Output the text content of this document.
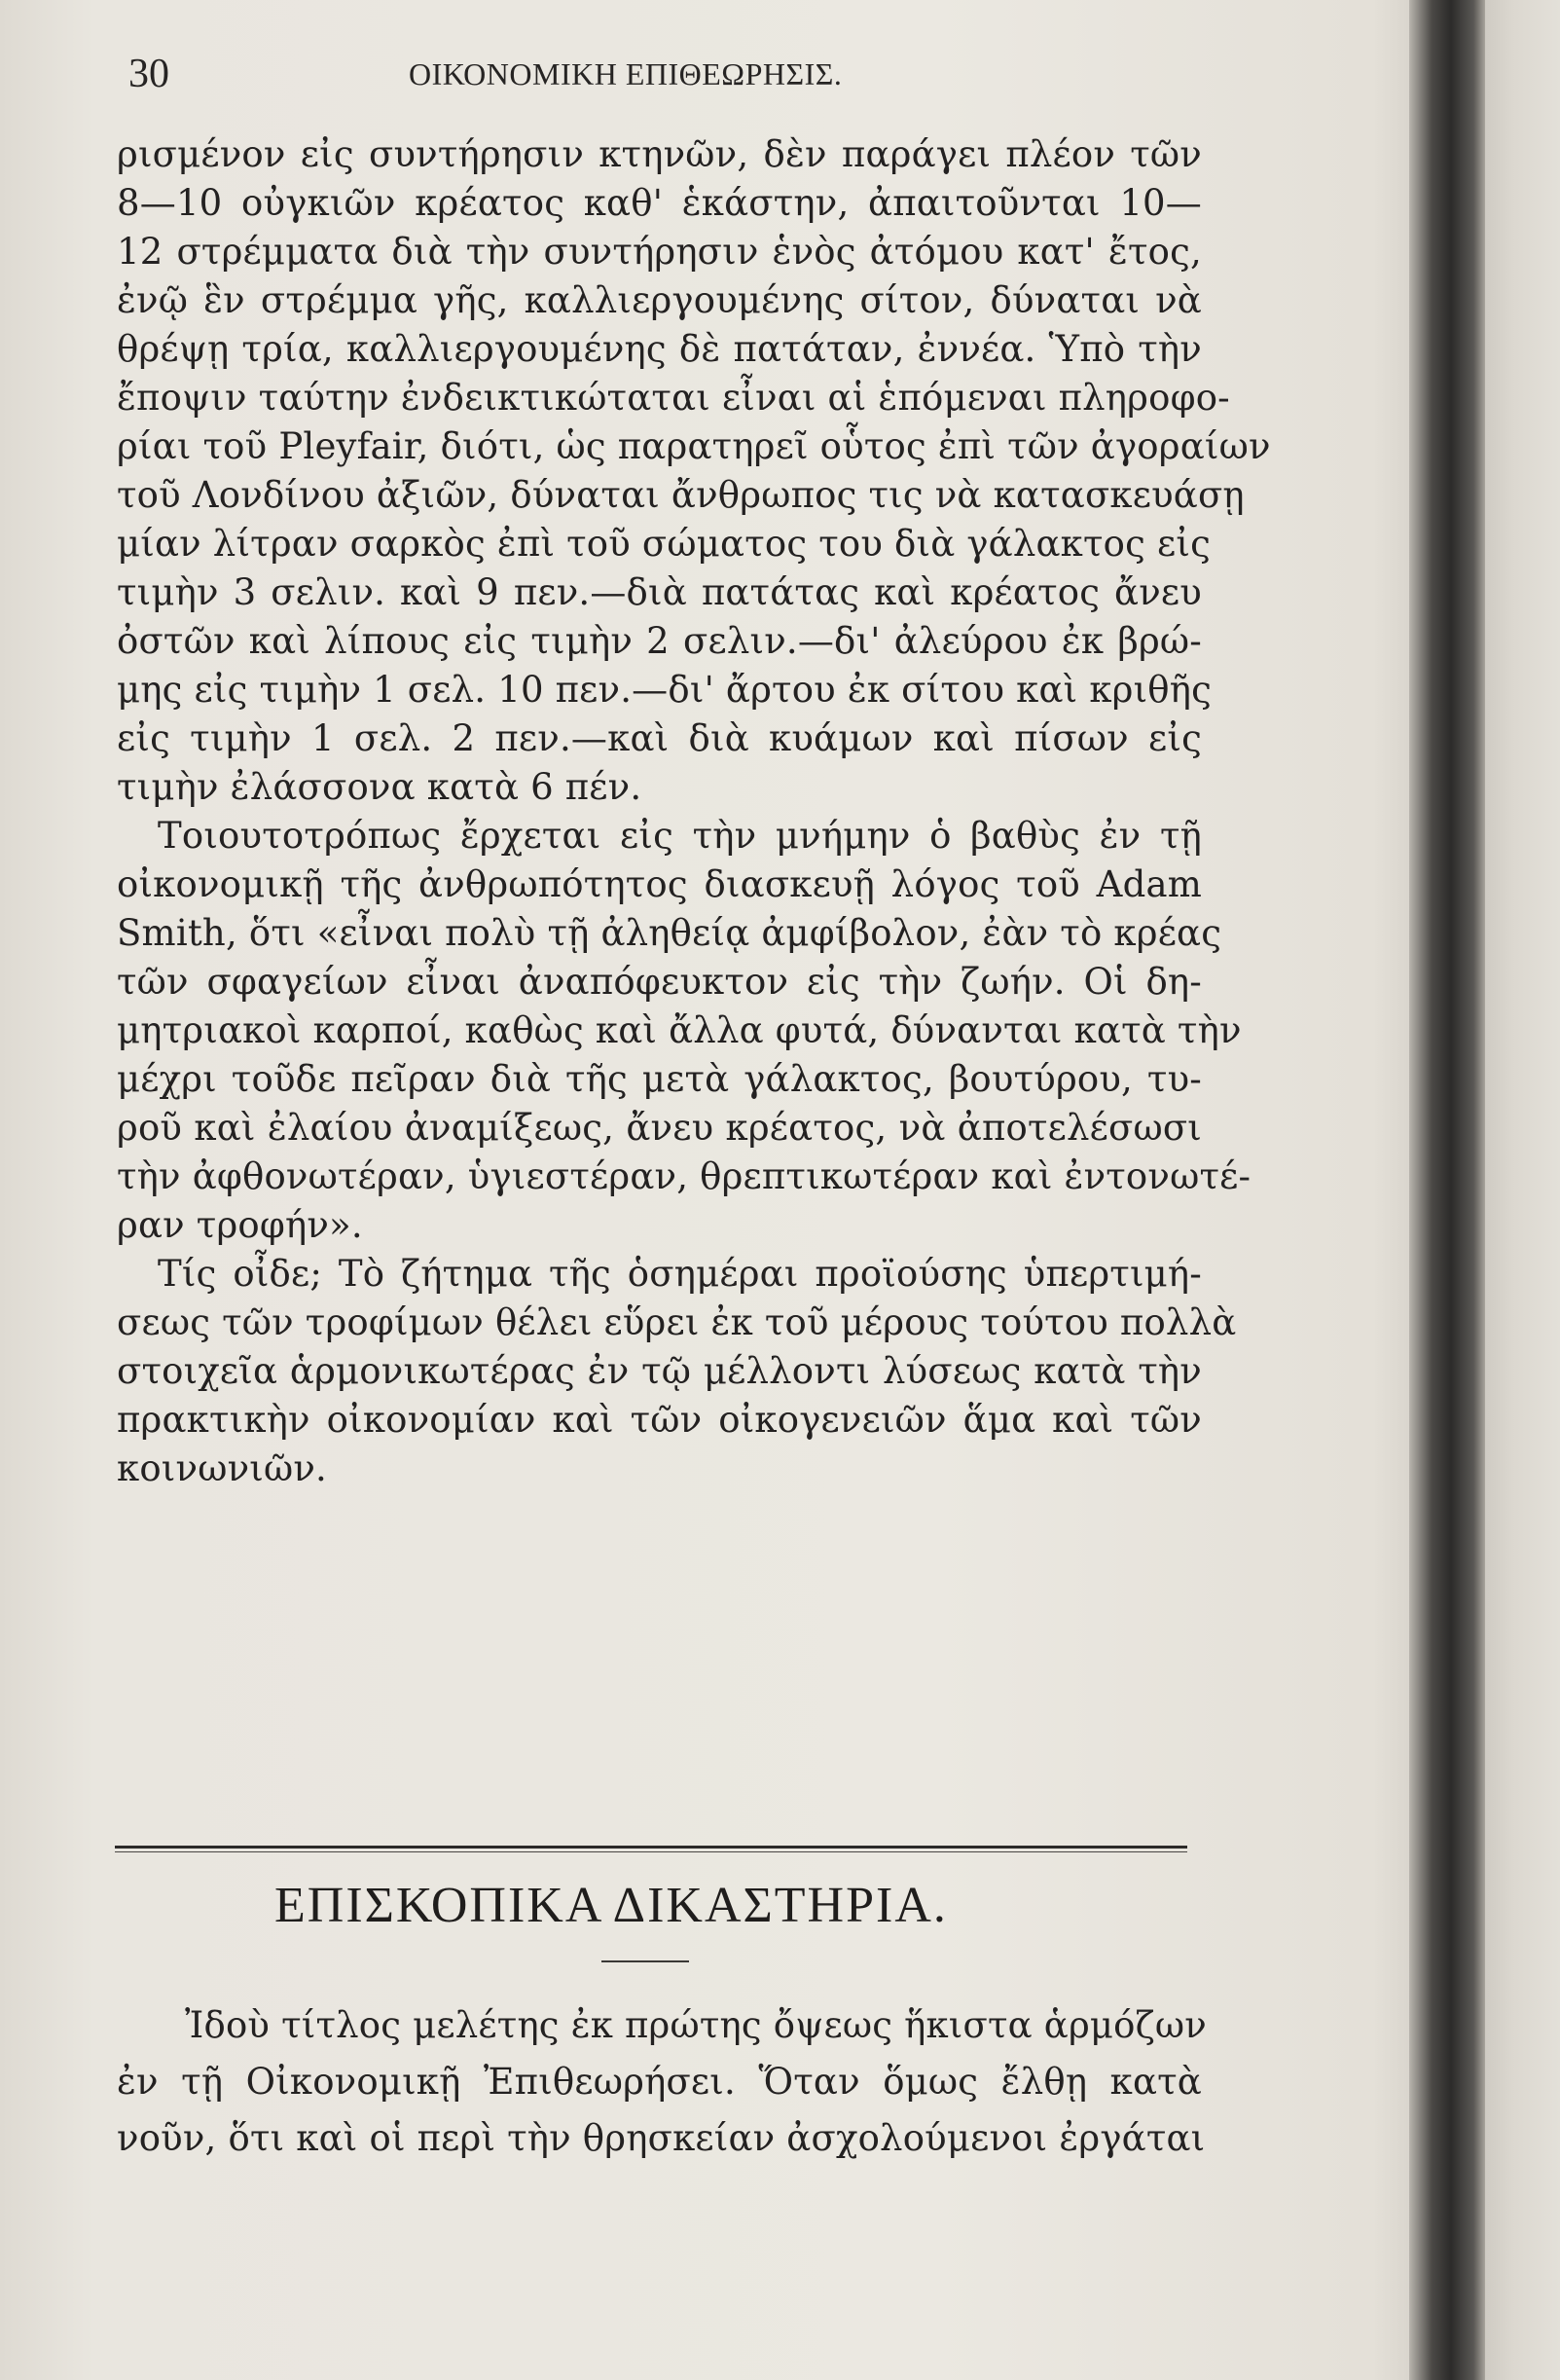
30	ΟΙΚΟΝΟΜΙΚΗ ΕΠΙΘΕΩΡΗΣΙΣ.
ρισμένον εἰς συντήρησιν κτηνῶν, δὲν παράγει πλέον τῶν
8—10 οὐγκιῶν κρέατος καθ' ἑκάστην, ἀπαιτοῦνται 10—
12 στρέμματα διὰ τὴν συντήρησιν ἑνὸς ἀτόμου κατ' ἔτος,
ἐνῷ ἓν στρέμμα γῆς, καλλιεργουμένης σίτον, δύναται νὰ
θρέψῃ τρία, καλλιεργουμένης δὲ πατάταν, ἐννέα. Ὑπὸ τὴν
ἔποψιν ταύτην ἐνδεικτικώταται εἶναι αἱ ἑπόμεναι πληροφο-
ρίαι τοῦ Pleyfair, διότι, ὡς παρατηρεῖ οὗτος ἐπὶ τῶν ἀγοραίων
τοῦ Λονδίνου ἀξιῶν, δύναται ἄνθρωπος τις νὰ κατασκευάσῃ
μίαν λίτραν σαρκὸς ἐπὶ τοῦ σώματος του διὰ γάλακτος εἰς
τιμὴν 3 σελιν. καὶ 9 πεν.—διὰ πατάτας καὶ κρέατος ἄνευ
ὀστῶν καὶ λίπους εἰς τιμὴν 2 σελιν.—δι' ἀλεύρου ἐκ βρώ-
μης εἰς τιμὴν 1 σελ. 10 πεν.—δι' ἄρτου ἐκ σίτου καὶ κριθῆς
εἰς τιμὴν 1 σελ. 2 πεν.—καὶ διὰ κυάμων καὶ πίσων εἰς
τιμὴν ἐλάσσονα κατὰ 6 πέν.
Τοιουτοτρόπως ἔρχεται εἰς τὴν μνήμην ὁ βαθὺς ἐν τῇ
οἰκονομικῇ τῆς ἀνθρωπότητος διασκευῇ λόγος τοῦ Adam
Smith, ὅτι «εἶναι πολὺ τῇ ἀληθείᾳ ἀμφίβολον, ἐὰν τὸ κρέας
τῶν σφαγείων εἶναι ἀναπόφευκτον εἰς τὴν ζωήν. Οἱ δη-
μητριακοὶ καρποί, καθὼς καὶ ἄλλα φυτά, δύνανται κατὰ τὴν
μέχρι τοῦδε πεῖραν διὰ τῆς μετὰ γάλακτος, βουτύρου, τυ-
ροῦ καὶ ἐλαίου ἀναμίξεως, ἄνευ κρέατος, νὰ ἀποτελέσωσι
τὴν ἀφθονωτέραν, ὑγιεστέραν, θρεπτικωτέραν καὶ ἐντονωτέ-
ραν τροφήν».
Τίς οἶδε; Τὸ ζήτημα τῆς ὁσημέραι προϊούσης ὑπερτιμή-
σεως τῶν τροφίμων θέλει εὕρει ἐκ τοῦ μέρους τούτου πολλὰ
στοιχεῖα ἁρμονικωτέρας ἐν τῷ μέλλοντι λύσεως κατὰ τὴν
πρακτικὴν οἰκονομίαν καὶ τῶν οἰκογενειῶν ἅμα καὶ τῶν
κοινωνιῶν.
ΕΠΙΣΚΟΠΙΚΑ ΔΙΚΑΣΤΗΡΙΑ.
Ἰδοὺ τίτλος μελέτης ἐκ πρώτης ὄψεως ἥκιστα ἁρμόζων
ἐν τῇ Οἰκονομικῇ Ἐπιθεωρήσει. Ὅταν ὅμως ἔλθῃ κατὰ
νοῦν, ὅτι καὶ οἱ περὶ τὴν θρησκείαν ἀσχολούμενοι ἐργάται
